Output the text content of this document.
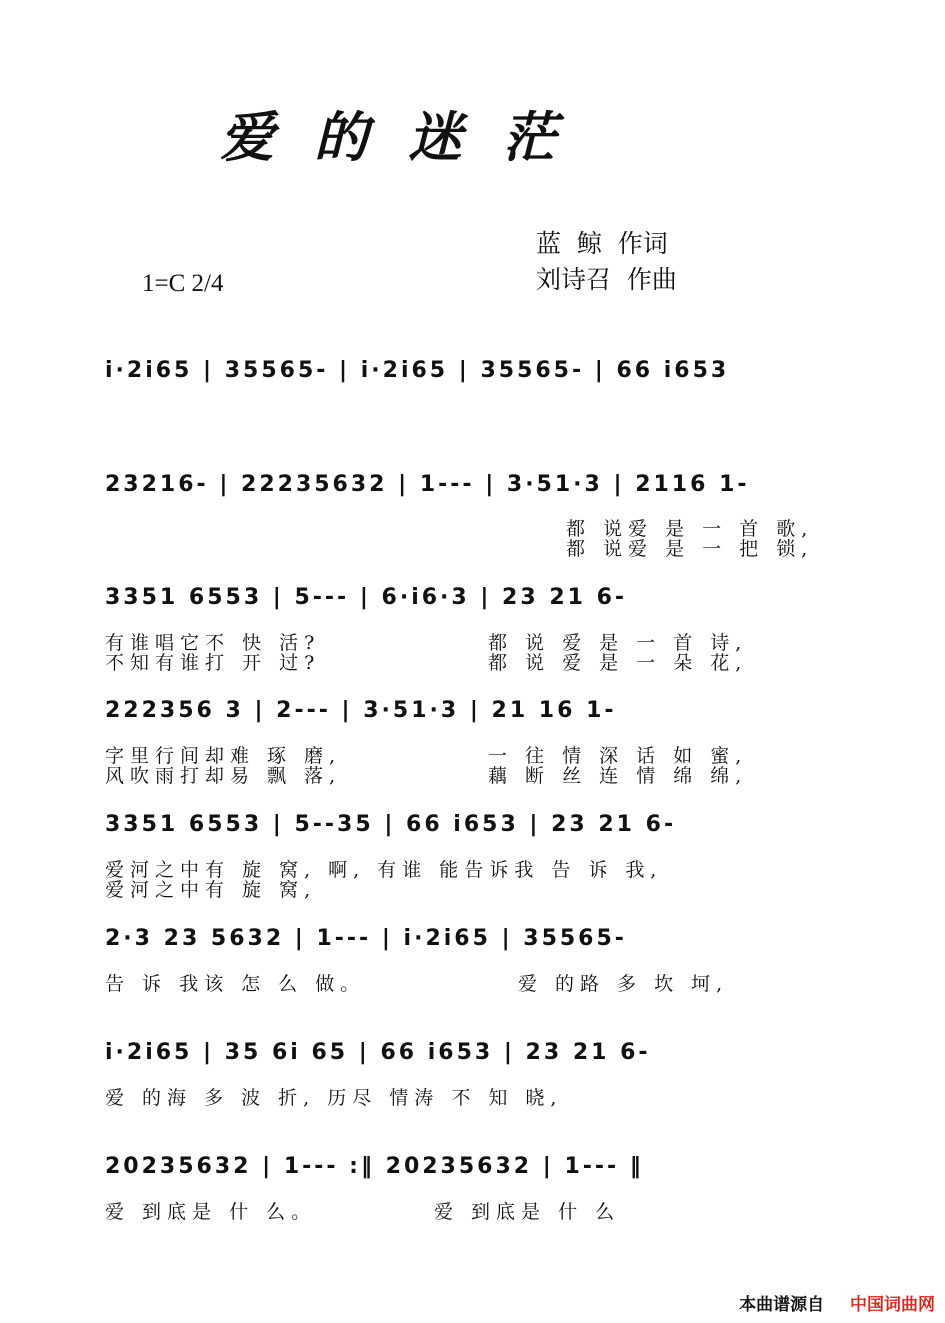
爱的迷茫
蓝  鲸  作词
刘诗召  作曲
1=C 2/4
i·2i65 | 35565- | i·2i65 | 35565- | 66 i653
23216- | 22235632 | 1--- | 3·51·3 | 2116 1-
都 说爱 是 一 首 歌,
都 说爱 是 一 把 锁,
3351 6553 | 5--- | 6·i6·3 | 23 21 6-
有谁唱它不 快 活?
不知有谁打 开 过?
都 说 爱 是 一 首 诗,
都 说 爱 是 一 朵 花,
222356 3 | 2--- | 3·51·3 | 21 16 1-
字里行间却难 琢 磨,
风吹雨打却易 飘 落,
一 往 情 深 话 如 蜜,
藕 断 丝 连 情 绵 绵,
3351 6553 | 5--35 | 66 i653 | 23 21 6-
爱河之中有 旋 窝, 啊, 有谁 能告诉我 告 诉 我,
爱河之中有 旋 窝,
2·3 23 5632 | 1--- | i·2i65 | 35565-
告 诉 我该 怎 么 做。	爱 的路 多 坎 坷,
i·2i65 | 35 6i 65 | 66 i653 | 23 21 6-
爱 的海 多 波 折, 历尽 情涛 不 知 晓,
20235632 | 1--- :‖ 20235632 | 1--- ‖
爱 到底是 什 么。	爱 到底是 什 么
本曲谱源自 中国词曲网
